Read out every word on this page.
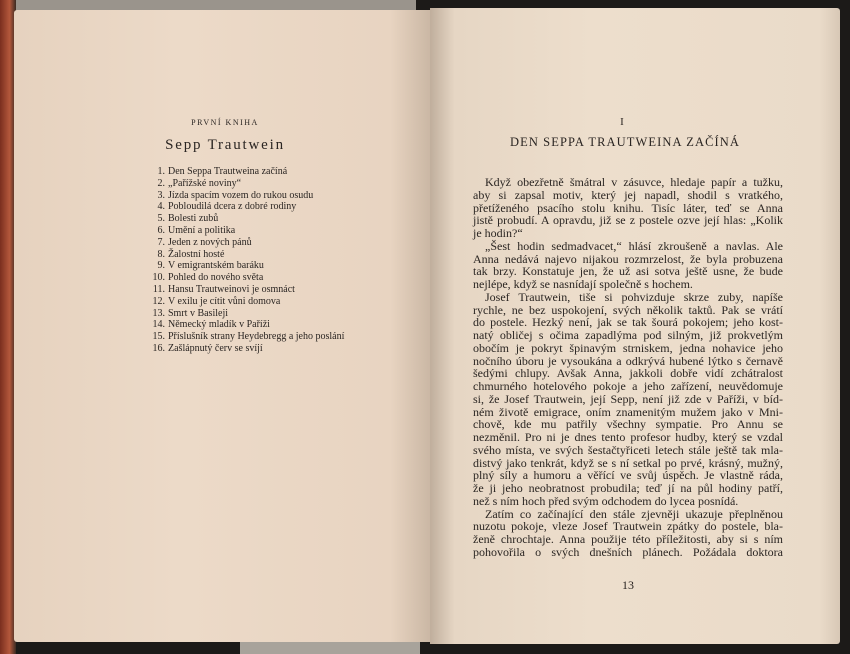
PRVNÍ KNIHA
Sepp Trautwein
1. Den Seppa Trautweina začíná
2. „Pařížské noviny“
3. Jízda spacím vozem do rukou osudu
4. Pobloudilá dcera z dobré rodiny
5. Bolesti zubů
6. Umění a politika
7. Jeden z nových pánů
8. Žalostní hosté
9. V emigrantském baráku
10. Pohled do nového světa
11. Hansu Trautweinovi je osmnáct
12. V exilu je cítit vůni domova
13. Smrt v Basileji
14. Německý mladík v Paříži
15. Příslušník strany Heydebregg a jeho poslání
16. Zašlápnutý červ se svíjí
I
DEN SEPPA TRAUTWEINA ZAČÍNÁ
Když obezřetně šmátral v zásuvce, hledaje papír a tužku,
aby si zapsal motiv, který jej napadl, shodil s vratkého,
přetíženého psacího stolu knihu. Tisíc láter, teď se Anna
jistě probudí. A opravdu, již se z postele ozve její hlas: „Kolik
je hodin?“
„Šest hodin sedmadvacet,“ hlásí zkroušeně a navlas. Ale
Anna nedává najevo nijakou rozmrzelost, že byla probuzena
tak brzy. Konstatuje jen, že už asi sotva ještě usne, že bude
nejlépe, když se nasnídají společně s hochem.
Josef Trautwein, tiše si pohvizduje skrze zuby, napíše
rychle, ne bez uspokojení, svých několik taktů. Pak se vrátí
do postele. Hezký není, jak se tak šourá pokojem; jeho kost-
natý obličej s očima zapadlýma pod silným, již prokvetlým
obočím je pokryt špinavým strniskem, jedna nohavice jeho
nočního úboru je vysoukána a odkrývá hubené lýtko s černavě
šedými chlupy. Avšak Anna, jakkoli dobře vidí zchátralost
chmurného hotelového pokoje a jeho zařízení, neuvědomuje
si, že Josef Trautwein, její Sepp, není již zde v Paříži, v bíd-
ném životě emigrace, oním znamenitým mužem jako v Mni-
chově, kde mu patřily všechny sympatie. Pro Annu se
nezměnil. Pro ni je dnes tento profesor hudby, který se vzdal
svého místa, ve svých šestačtyřiceti letech stále ještě tak mla-
distvý jako tenkrát, když se s ní setkal po prvé, krásný, mužný,
plný síly a humoru a věřící ve svůj úspěch. Je vlastně ráda,
že ji jeho neobratnost probudila; teď jí na půl hodiny patří,
než s ním hoch před svým odchodem do lycea posnídá.
Zatím co začínající den stále zjevněji ukazuje přeplněnou
nuzotu pokoje, vleze Josef Trautwein zpátky do postele, bla-
ženě chrochtaje. Anna použije této příležitosti, aby si s ním
pohovořila o svých dnešních plánech. Požádala doktora
13
